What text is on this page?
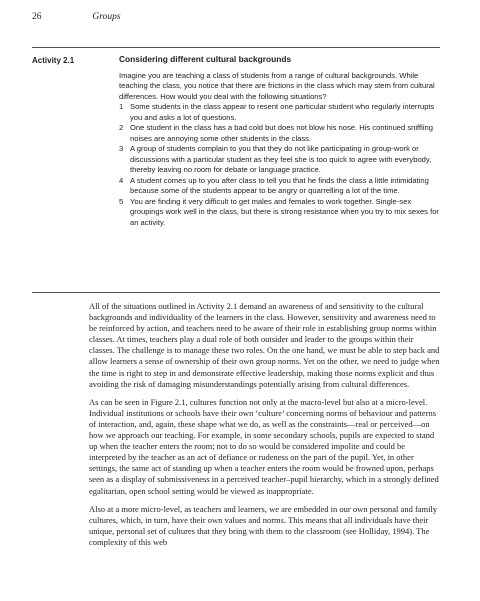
26	Groups
Activity 2.1	Considering different cultural backgrounds

Imagine you are teaching a class of students from a range of cultural backgrounds. While teaching the class, you notice that there are frictions in the class which may stem from cultural differences. How would you deal with the following situations?

1 Some students in the class appear to resent one particular student who regularly interrupts you and asks a lot of questions.
2 One student in the class has a bad cold but does not blow his nose. His continued sniffling noises are annoying some other students in the class.
3 A group of students complain to you that they do not like participating in group-work or discussions with a particular student as they feel she is too quick to agree with everybody, thereby leaving no room for debate or language practice.
4 A student comes up to you after class to tell you that he finds the class a little intimidating because some of the students appear to be angry or quarrelling a lot of the time.
5 You are finding it very difficult to get males and females to work together. Single-sex groupings work well in the class, but there is strong resistance when you try to mix sexes for an activity.

All of the situations outlined in Activity 2.1 demand an awareness of and sensitivity to the cultural backgrounds and individuality of the learners in the class. However, sensitivity and awareness need to be reinforced by action, and teachers need to be aware of their role in establishing group norms within classes. At times, teachers play a dual role of both outsider and leader to the groups within their classes. The challenge is to manage these two roles. On the one hand, we must be able to step back and allow learners a sense of ownership of their own group norms. Yet on the other, we need to judge when the time is right to step in and demonstrate effective leadership, making those norms explicit and thus avoiding the risk of damaging misunderstandings potentially arising from cultural differences.

As can be seen in Figure 2.1, cultures function not only at the macro-level but also at a micro-level. Individual institutions or schools have their own ‘culture’ concerning norms of behaviour and patterns of interaction, and, again, these shape what we do, as well as the constraints—real or perceived—on how we approach our teaching. For example, in some secondary schools, pupils are expected to stand up when the teacher enters the room; not to do so would be considered impolite and could be interpreted by the teacher as an act of defiance or rudeness on the part of the pupil. Yet, in other settings, the same act of standing up when a teacher enters the room would be frowned upon, perhaps seen as a display of submissiveness in a perceived teacher–pupil hierarchy, which in a strongly defined egalitarian, open school setting would be viewed as inappropriate.

Also at a more micro-level, as teachers and learners, we are embedded in our own personal and family cultures, which, in turn, have their own values and norms. This means that all individuals have their unique, personal set of cultures that they bring with them to the classroom (see Holliday, 1994). The complexity of this web
